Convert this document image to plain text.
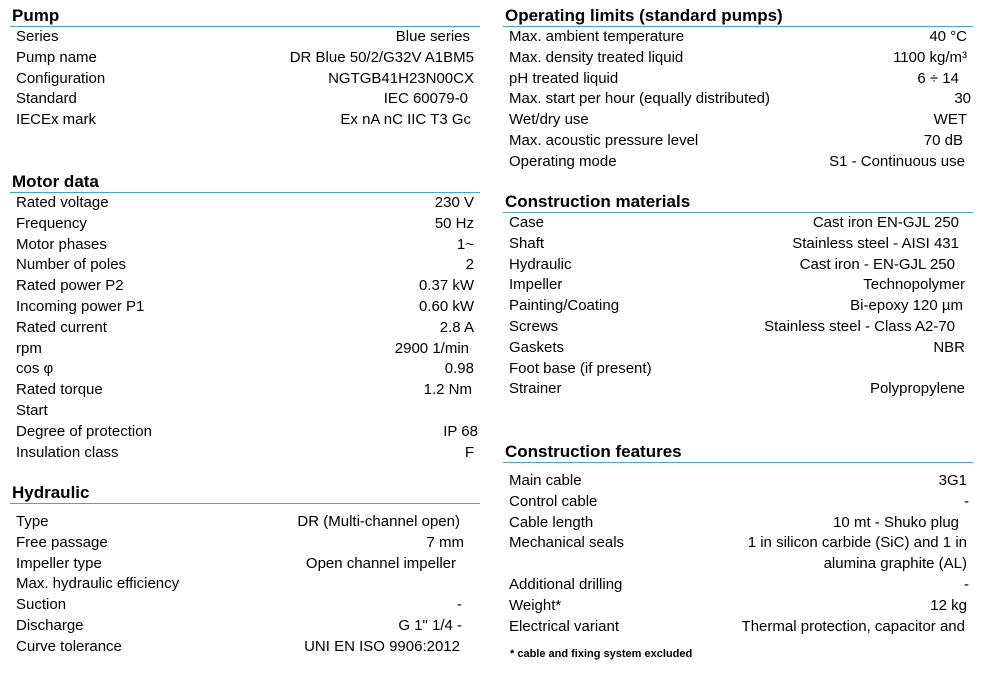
Pump
Series	Blue series
Pump name	DR Blue 50/2/G32V A1BM5
Configuration	NGTGB41H23N00CX
Standard	IEC 60079-0
IECEx mark	Ex nA nC IIC T3 Gc
Motor data
Rated voltage	230 V
Frequency	50 Hz
Motor phases	1~
Number of poles	2
Rated power P2	0.37 kW
Incoming power P1	0.60 kW
Rated current	2.8 A
rpm	2900 1/min
cos φ	0.98
Rated torque	1.2 Nm
Start
Degree of protection	IP 68
Insulation class	F
Hydraulic
Type	DR (Multi-channel open)
Free passage	7 mm
Impeller type	Open channel impeller
Max. hydraulic efficiency
Suction	-
Discharge	G 1" 1/4 -
Curve tolerance	UNI EN ISO 9906:2012
Operating limits (standard pumps)
Max. ambient temperature	40 °C
Max. density treated liquid	1100 kg/m³
pH treated liquid	6 ÷ 14
Max. start per hour (equally distributed)	30
Wet/dry use	WET
Max. acoustic pressure level	70 dB
Operating mode	S1 - Continuous use
Construction materials
Case	Cast iron EN-GJL 250
Shaft	Stainless steel - AISI 431
Hydraulic	Cast iron - EN-GJL 250
Impeller	Technopolymer
Painting/Coating	Bi-epoxy 120 µm
Screws	Stainless steel - Class A2-70
Gaskets	NBR
Foot base (if present)
Strainer	Polypropylene
Construction features
Main cable	3G1
Control cable	-
Cable length	10 mt - Shuko plug
Mechanical seals	1 in silicon carbide (SiC) and 1 in alumina graphite (AL)
Additional drilling	-
Weight*	12 kg
Electrical variant	Thermal protection, capacitor and
* cable and fixing system excluded
